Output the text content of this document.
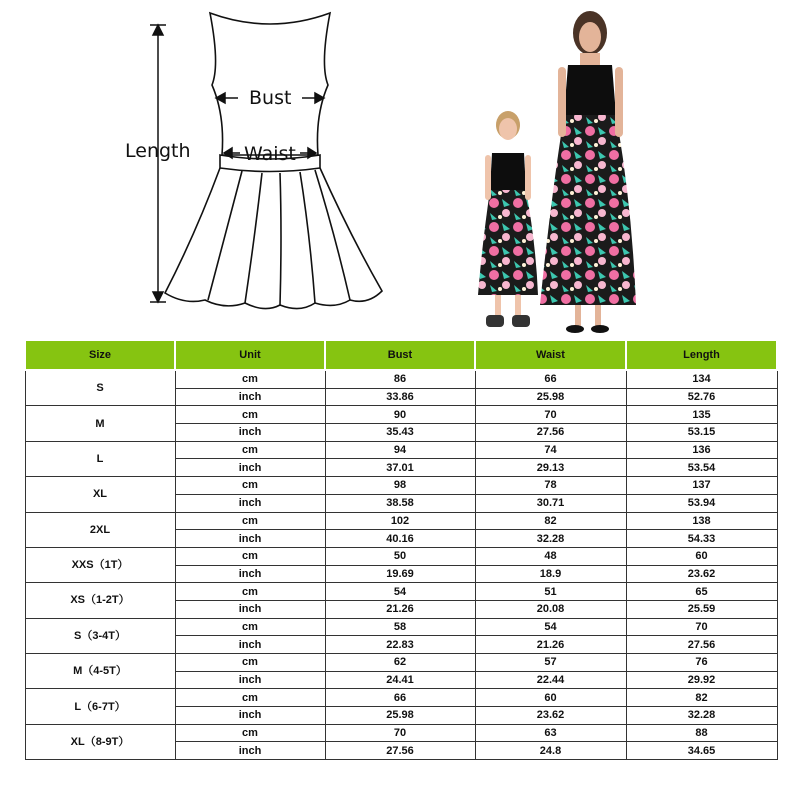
Length
Bust
Waist
Size	Unit	Bust	Waist	Length
S	cm	86	66	134
	inch	33.86	25.98	52.76
M	cm	90	70	135
	inch	35.43	27.56	53.15
L	cm	94	74	136
	inch	37.01	29.13	53.54
XL	cm	98	78	137
	inch	38.58	30.71	53.94
2XL	cm	102	82	138
	inch	40.16	32.28	54.33
XXS（1T）	cm	50	48	60
	inch	19.69	18.9	23.62
XS（1-2T）	cm	54	51	65
	inch	21.26	20.08	25.59
S（3-4T）	cm	58	54	70
	inch	22.83	21.26	27.56
M（4-5T）	cm	62	57	76
	inch	24.41	22.44	29.92
L（6-7T）	cm	66	60	82
	inch	25.98	23.62	32.28
XL（8-9T）	cm	70	63	88
	inch	27.56	24.8	34.65
